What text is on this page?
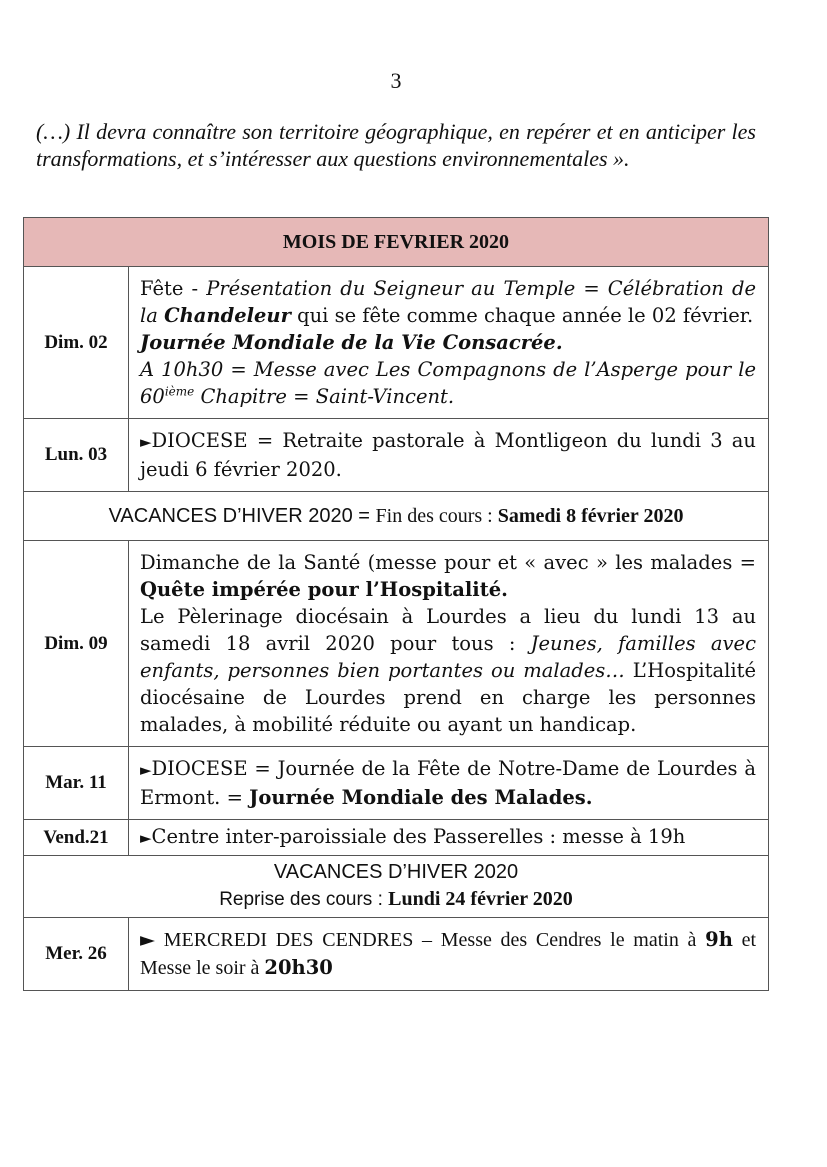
3
(…) Il devra connaître son territoire géographique, en repérer et en anticiper les transformations, et s’intéresser aux questions environnementales ».
MOIS DE FEVRIER 2020	
Dim. 02	Fête - Présentation du Seigneur au Temple = Célébration de la Chandeleur qui se fête comme chaque année le 02 février.
Journée Mondiale de la Vie Consacrée.
A 10h30 = Messe avec Les Compagnons de l’Asperge pour le 60ième Chapitre = Saint-Vincent.
Lun. 03	►DIOCESE = Retraite pastorale à Montligeon du lundi 3 au jeudi 6 février 2020.
VACANCES D’HIVER 2020 = Fin des cours : Samedi 8 février 2020	
Dim. 09	Dimanche de la Santé (messe pour et « avec » les malades = Quête impérée pour l’Hospitalité.
Le Pèlerinage diocésain à Lourdes a lieu du lundi 13 au samedi 18 avril 2020 pour tous : Jeunes, familles avec enfants, personnes bien portantes ou malades… L’Hospitalité diocésaine de Lourdes prend en charge les personnes malades, à mobilité réduite ou ayant un handicap.
Mar. 11	►DIOCESE = Journée de la Fête de Notre-Dame de Lourdes à Ermont. = Journée Mondiale des Malades.
Vend.21	►Centre inter-paroissiale des Passerelles : messe à 19h
VACANCES D’HIVER 2020
Reprise des cours : Lundi 24 février 2020	
Mer. 26	► MERCREDI DES CENDRES – Messe des Cendres le matin à 9h et Messe le soir à 20h30
